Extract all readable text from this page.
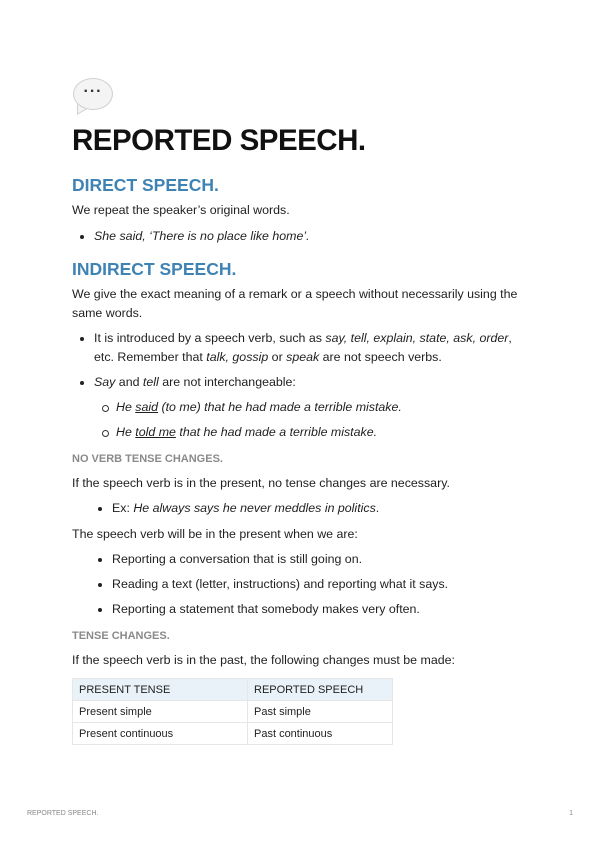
···
REPORTED SPEECH.
DIRECT SPEECH.

We repeat the speaker’s original words.

She said, ‘There is no place like home’.
INDIRECT SPEECH.

We give the exact meaning of a remark or a speech without necessarily using the same words.

It is introduced by a speech verb, such as say, tell, explain, state, ask, order, etc. Remember that talk, gossip or speak are not speech verbs.
Say and tell are not interchangeable:
He said (to me) that he had made a terrible mistake.
He told me that he had made a terrible mistake.
NO VERB TENSE CHANGES.

If the speech verb is in the present, no tense changes are necessary.

Ex: He always says he never meddles in politics.

The speech verb will be in the present when we are:

Reporting a conversation that is still going on.
Reading a text (letter, instructions) and reporting what it says.
Reporting a statement that somebody makes very often.
TENSE CHANGES.

If the speech verb is in the past, the following changes must be made:

PRESENT TENSE	REPORTED SPEECH
Present simple	Past simple
Present continuous	Past continuous
REPORTED SPEECH.	1
